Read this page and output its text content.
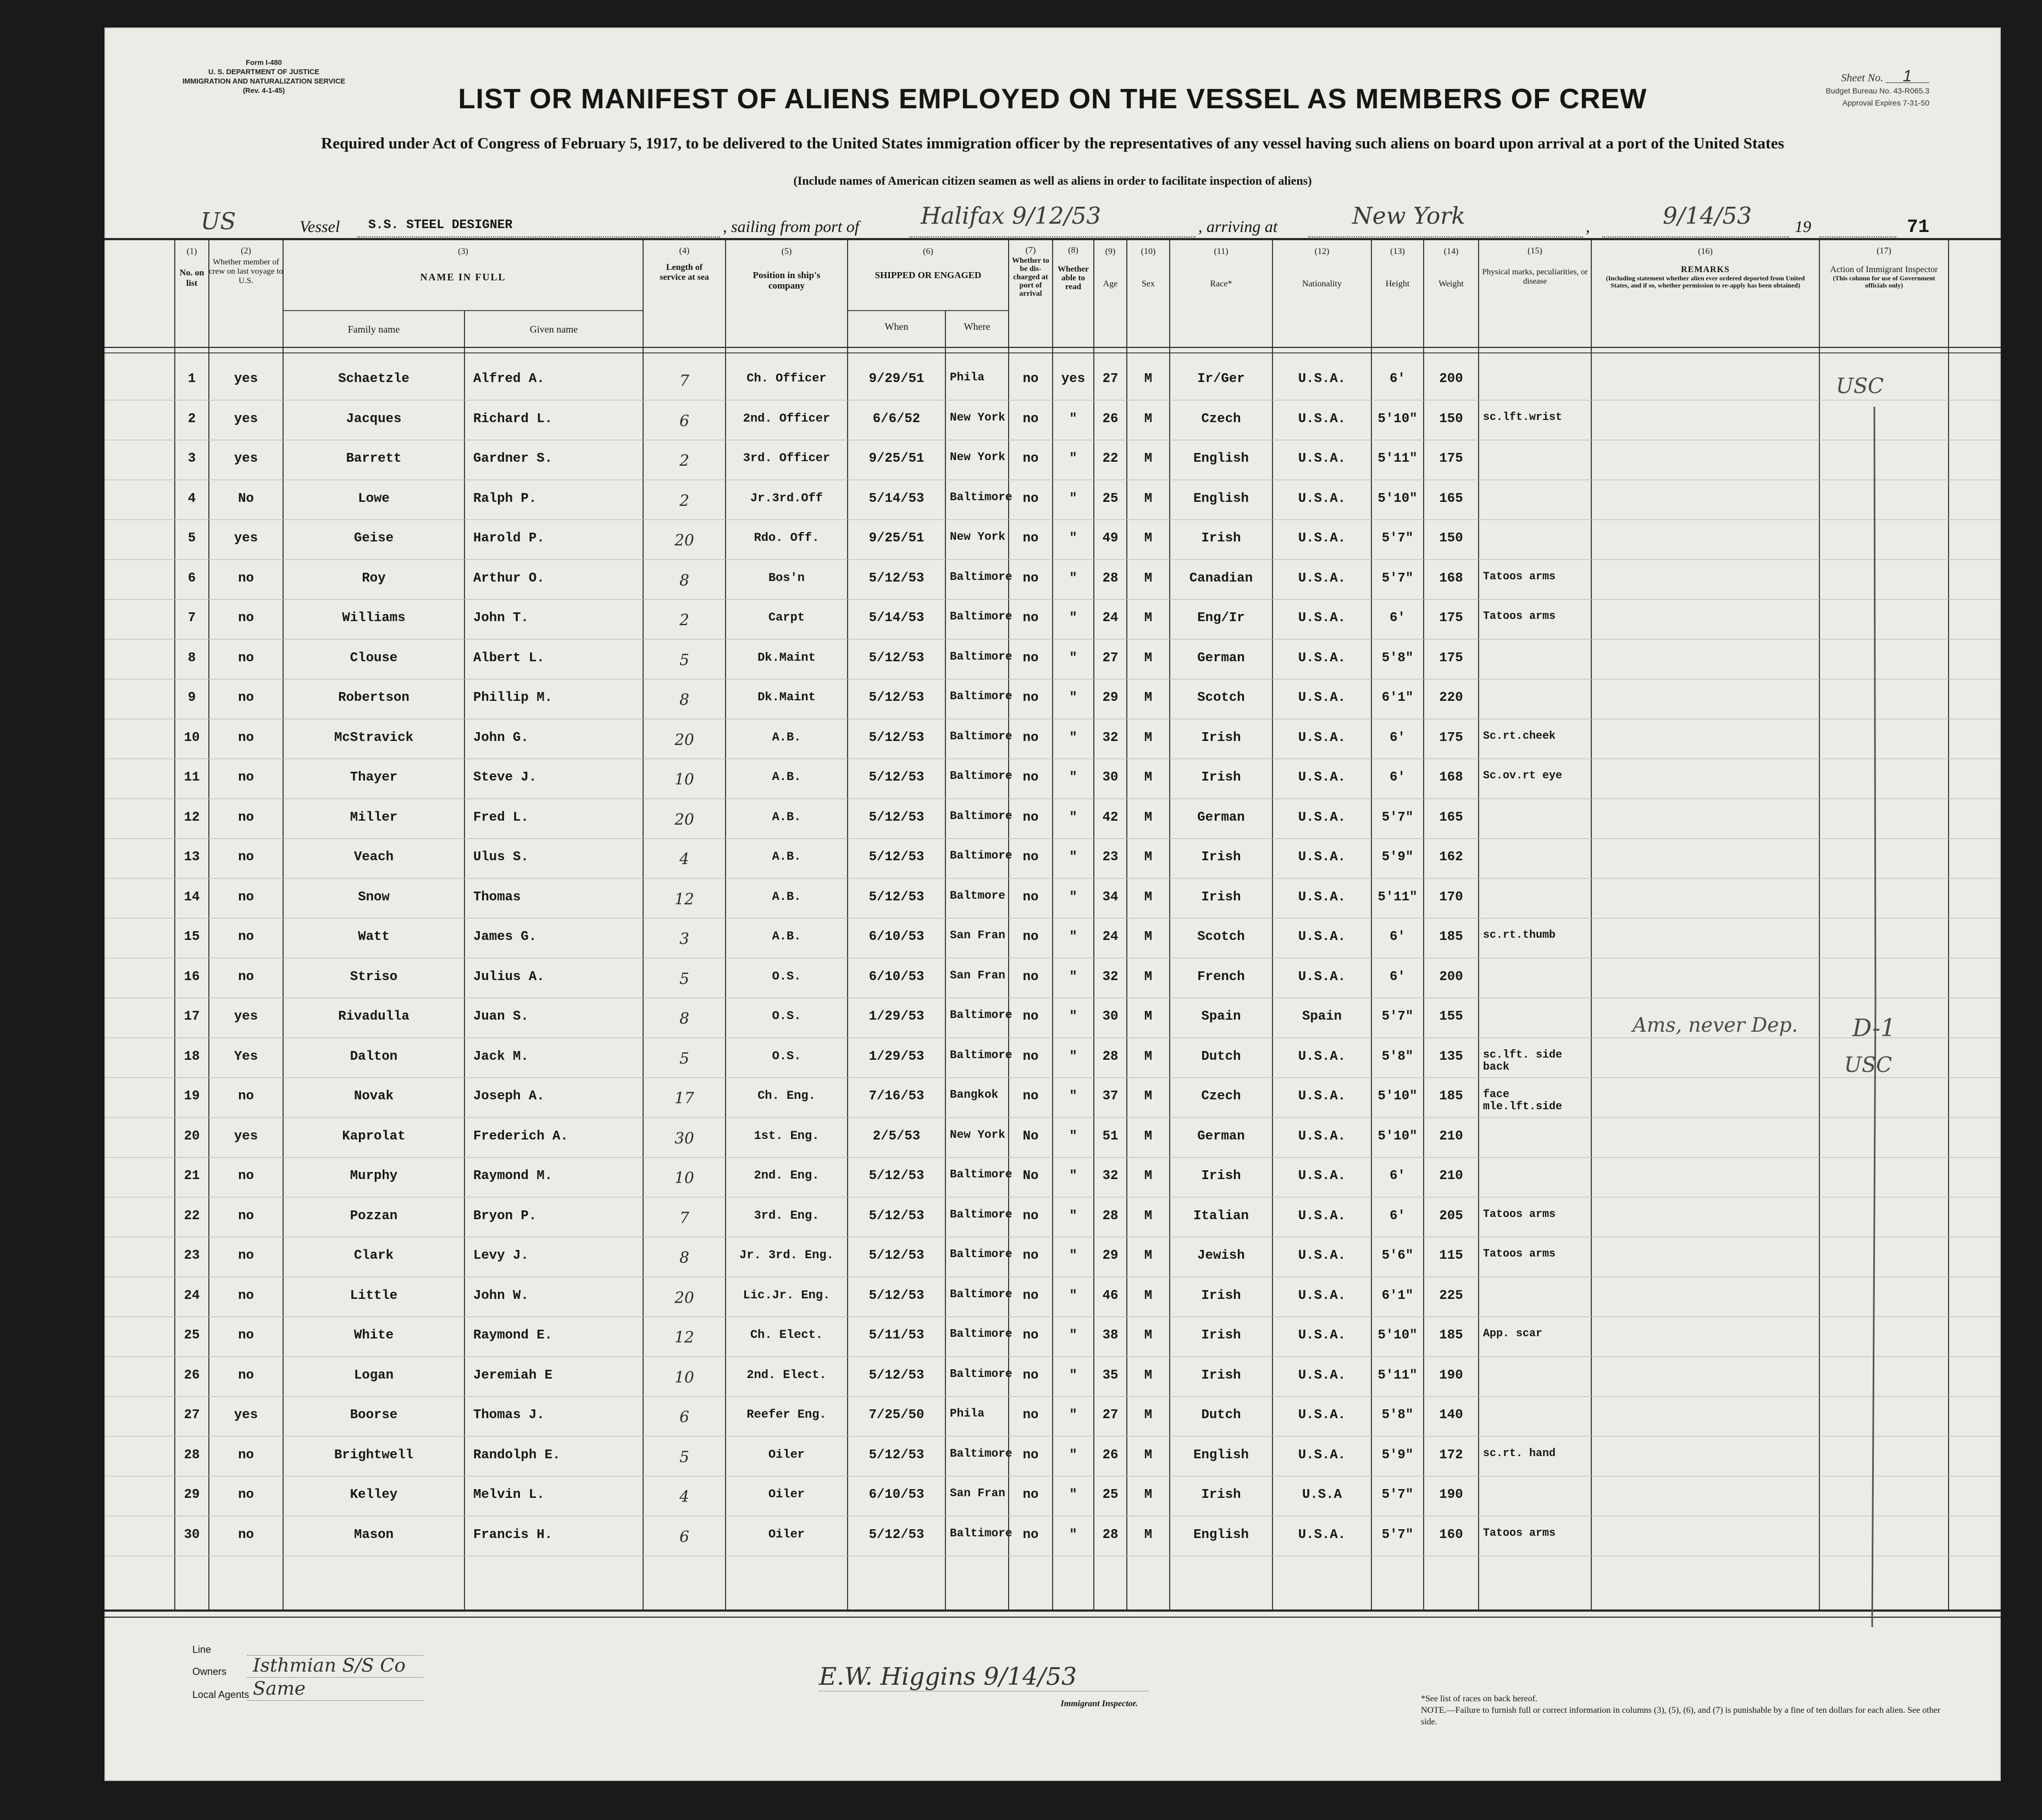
Form I-480
U. S. DEPARTMENT OF JUSTICE
IMMIGRATION AND NATURALIZATION SERVICE
(Rev. 4-1-45)
Sheet No. 1
Budget Bureau No. 43-R065.3
Approval Expires 7-31-50
LIST OR MANIFEST OF ALIENS EMPLOYED ON THE VESSEL AS MEMBERS OF CREW
Required under Act of Congress of February 5, 1917, to be delivered to the United States immigration officer by the representatives of any vessel having such aliens on board upon arrival at a port of the United States
(Include names of American citizen seamen as well as aliens in order to facilitate inspection of aliens)
US	Vessel S.S. STEEL DESIGNER	, sailing from port of	Halifax 9/12/53	, arriving at	New York	,	9/14/53	19	71
(1)
No. on list
(2)
Whether member of crew on last voyage to U.S.
(3)
NAME IN FULL
Family name	Given name
(4)
Length of service at sea
(5)
Position in ship's company
(6)
SHIPPED OR ENGAGED
When	Where
(7)
Whether to be dis-charged at port of arrival
(8)
Whether able to read
(9)
Age
(10)
Sex
(11)
Race*
(12)
Nationality
(13)
Height
(14)
Weight
(15)
Physical marks, peculiarities, or disease
(16)
REMARKS
(Including statement whether alien ever ordered deported from United States, and if so, whether permission to re-apply has been obtained)
(17)
Action of Immigrant Inspector
(This column for use of Government officials only)
1	yes	Schaetzle	Alfred A.	7	Ch. Officer	9/29/51	Phila	no	yes	27	M	Ir/Ger	U.S.A.	6'	200
2	yes	Jacques	Richard L.	6	2nd. Officer	6/6/52	New York	no	"	26	M	Czech	U.S.A.	5'10"	150	sc.lft.wrist
3	yes	Barrett	Gardner S.	2	3rd. Officer	9/25/51	New York	no	"	22	M	English	U.S.A.	5'11"	175
4	No	Lowe	Ralph P.	2	Jr.3rd.Off	5/14/53	Baltimore no	"	25	M	English	U.S.A.	5'10"	165
5	yes	Geise	Harold P.	20	Rdo. Off.	9/25/51	New York	no	"	49	M	Irish	U.S.A.	5'7"	150
6	no	Roy	Arthur O.	8	Bos'n	5/12/53	Baltimore no	"	28	M	Canadian	U.S.A.	5'7"	168	Tatoos arms
7	no	Williams	John T.	2	Carpt	5/14/53	Baltimore no	"	24	M	Eng/Ir	U.S.A.	6'	175	Tatoos arms
8	no	Clouse	Albert L.	5	Dk.Maint	5/12/53	Baltimore no	"	27	M	German	U.S.A.	5'8"	175
9	no	Robertson	Phillip M.	8	Dk.Maint	5/12/53	Baltimore no	"	29	M	Scotch	U.S.A.	6'1"	220
10	no	McStravick	John G.	20	A.B.	5/12/53	Baltimore no	"	32	M	Irish	U.S.A.	6'	175	Sc.rt.cheek
11	no	Thayer	Steve J.	10	A.B.	5/12/53	Baltimore no	"	30	M	Irish	U.S.A.	6'	168	Sc.ov.rt eye
12	no	Miller	Fred L.	20	A.B.	5/12/53	Baltimore no	"	42	M	German	U.S.A.	5'7"	165
13	no	Veach	Ulus S.	4	A.B.	5/12/53	Baltimore no	"	23	M	Irish	U.S.A.	5'9"	162
14	no	Snow	Thomas	12	A.B.	5/12/53	Baltmore	no	"	34	M	Irish	U.S.A.	5'11"	170
15	no	Watt	James G.	3	A.B.	6/10/53	San Fran	no	"	24	M	Scotch	U.S.A.	6'	185	sc.rt.thumb
16	no	Striso	Julius A.	5	O.S.	6/10/53	San Fran	no	"	32	M	French	U.S.A.	6'	200
17	yes	Rivadulla	Juan S.	8	O.S.	1/29/53	Baltimore no	"	30	M	Spain	Spain	5'7"	155
18	Yes	Dalton	Jack M.	5	O.S.	1/29/53	Baltimore no	"	28	M	Dutch	U.S.A.	5'8"	135	sc.lft. side back
19	no	Novak	Joseph A.	17	Ch. Eng.	7/16/53	Bangkok	no	"	37	M	Czech	U.S.A.	5'10"	185	face mle.lft.side
20	yes	Kaprolat	Frederich A.	30	1st. Eng.	2/5/53	New York	No	"	51	M	German	U.S.A.	5'10"	210
21	no	Murphy	Raymond M.	10	2nd. Eng.	5/12/53	Baltimore No	"	32	M	Irish	U.S.A.	6'	210
22	no	Pozzan	Bryon P.	7	3rd. Eng.	5/12/53	Baltimore no	"	28	M	Italian	U.S.A.	6'	205	Tatoos arms
23	no	Clark	Levy J.	8	Jr. 3rd. Eng.	5/12/53	Baltimore no	"	29	M	Jewish	U.S.A.	5'6"	115	Tatoos arms
24	no	Little	John W.	20	Lic.Jr. Eng.	5/12/53	Baltimore no	"	46	M	Irish	U.S.A.	6'1"	225
25	no	White	Raymond E.	12	Ch. Elect.	5/11/53	Baltimore no	"	38	M	Irish	U.S.A.	5'10"	185	App. scar
26	no	Logan	Jeremiah E	10	2nd. Elect.	5/12/53	Baltimore no	"	35	M	Irish	U.S.A.	5'11"	190
27	yes	Boorse	Thomas J.	6	Reefer Eng.	7/25/50	Phila	no	"	27	M	Dutch	U.S.A.	5'8"	140
28	no	Brightwell	Randolph E.	5	Oiler	5/12/53	Baltimore no	"	26	M	English	U.S.A.	5'9"	172	sc.rt. hand
29	no	Kelley	Melvin L.	4	Oiler	6/10/53	San Fran	no	"	25	M	Irish	U.S.A	5'7"	190
30	no	Mason	Francis H.	6	Oiler	5/12/53	Baltimore no	"	28	M	English	U.S.A.	5'7"	160	Tatoos arms
USC
Ams, never Dep. D-1
USC
Line
Owners Isthmian S/S Co
Local Agents Same	E.W. Higgins 9/14/53
Immigrant Inspector.
*See list of races on back hereof.
NOTE.—Failure to furnish full or correct information in columns (3), (5), (6), and (7) is punishable by a fine of ten dollars for each alien. See other side.
